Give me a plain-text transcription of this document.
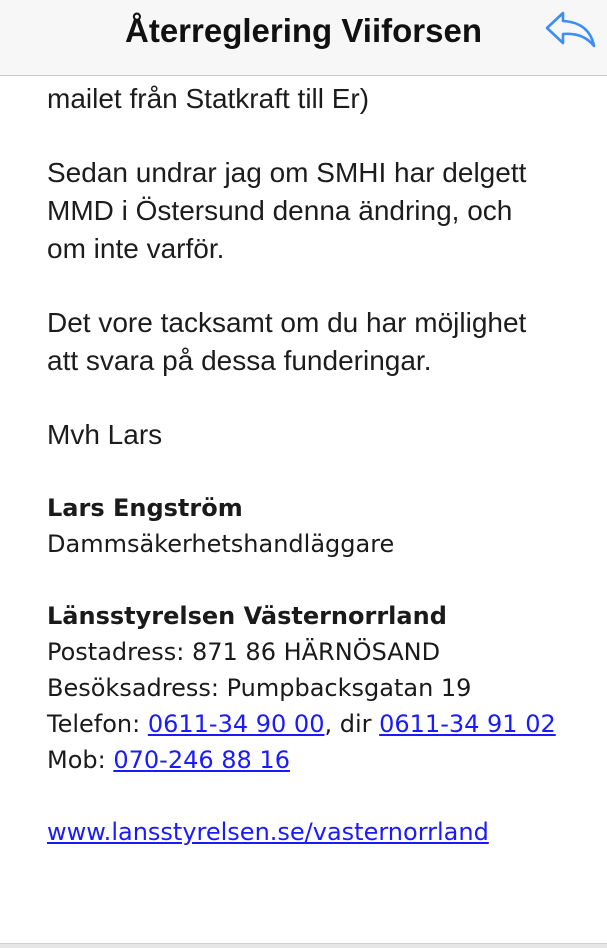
Återreglering Viiforsen

mailet från Statkraft till Er)

Sedan undrar jag om SMHI har delgett

MMD i Östersund denna ändring, och

om inte varför.

Det vore tacksamt om du har möjlighet

att svara på dessa funderingar.

Mvh Lars

Lars Engström
Dammsäkerhetshandläggare
Länsstyrelsen Västernorrland
Postadress: 871 86 HÄRNÖSAND
Besöksadress: Pumpbacksgatan 19
Telefon: 0611-34 90 00, dir 0611-34 91 02
Mob: 070-246 88 16
www.lansstyrelsen.se/vasternorrland
